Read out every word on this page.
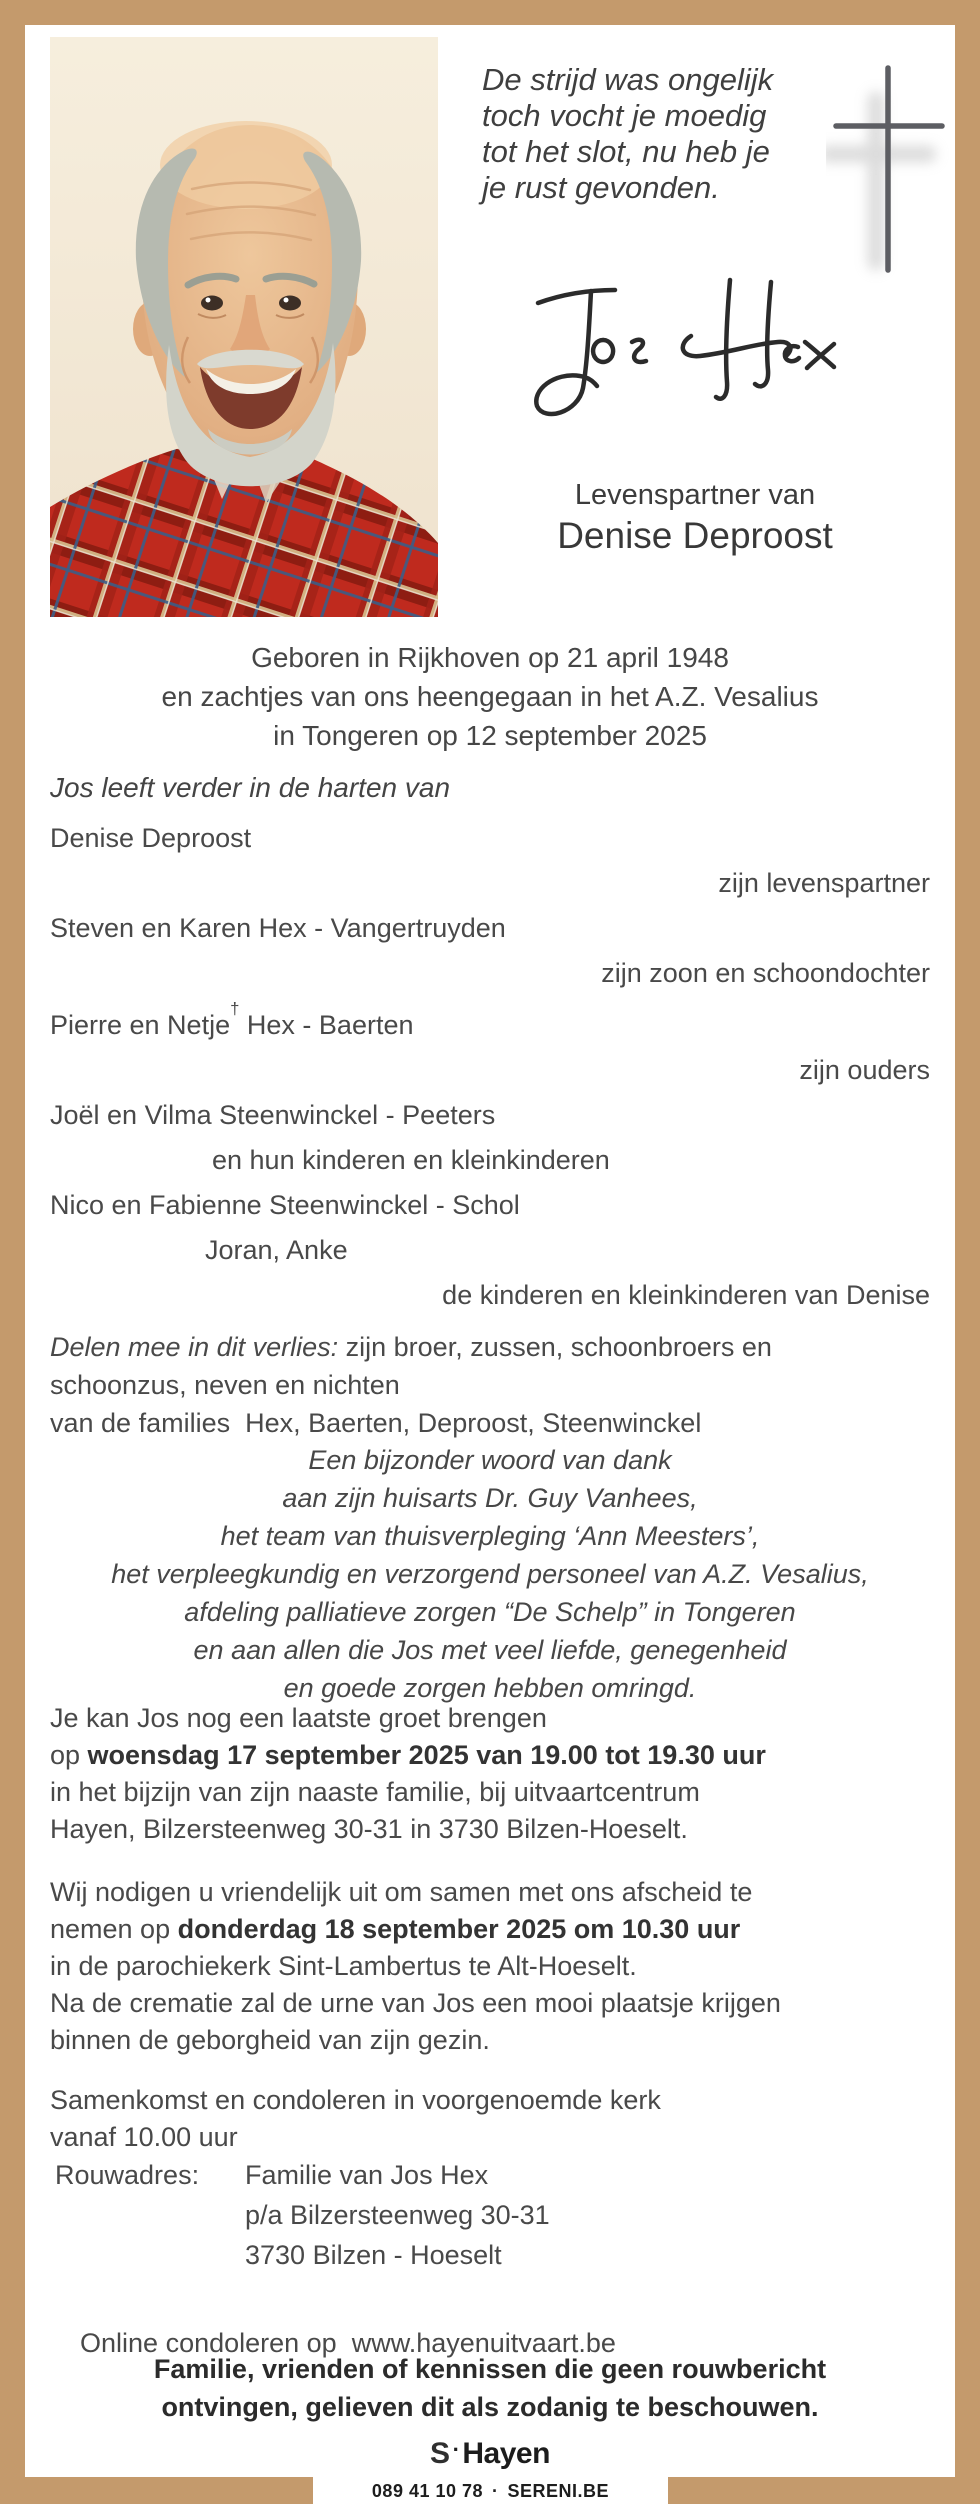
De strijd was ongelijk
toch vocht je moedig
tot het slot, nu heb je
je rust gevonden.
Levenspartner van
Denise Deproost
Geboren in Rijkhoven op 21 april 1948
en zachtjes van ons heengegaan in het A.Z. Vesalius
in Tongeren op 12 september 2025
Jos leeft verder in de harten van
Denise Deproost
zijn levenspartner
Steven en Karen Hex - Vangertruyden
zijn zoon en schoondochter
Pierre en Netje† Hex - Baerten
zijn ouders
Joël en Vilma Steenwinckel - Peeters
en hun kinderen en kleinkinderen
Nico en Fabienne Steenwinckel - Schol
Joran, Anke
de kinderen en kleinkinderen van Denise
Delen mee in dit verlies: zijn broer, zussen, schoonbroers en
schoonzus, neven en nichten
van de families  Hex, Baerten, Deproost, Steenwinckel
Een bijzonder woord van dank
aan zijn huisarts Dr. Guy Vanhees,
het team van thuisverpleging ‘Ann Meesters’,
het verpleegkundig en verzorgend personeel van A.Z. Vesalius,
afdeling palliatieve zorgen “De Schelp” in Tongeren
en aan allen die Jos met veel liefde, genegenheid
en goede zorgen hebben omringd.
Je kan Jos nog een laatste groet brengen
op woensdag 17 september 2025 van 19.00 tot 19.30 uur
in het bijzijn van zijn naaste familie, bij uitvaartcentrum
Hayen, Bilzersteenweg 30-31 in 3730 Bilzen-Hoeselt.
Wij nodigen u vriendelijk uit om samen met ons afscheid te
nemen op donderdag 18 september 2025 om 10.30 uur
in de parochiekerk Sint-Lambertus te Alt-Hoeselt.
Na de crematie zal de urne van Jos een mooi plaatsje krijgen
binnen de geborgheid van zijn gezin.
Samenkomst en condoleren in voorgenoemde kerk
vanaf 10.00 uur
Rouwadres: Familie van Jos Hex
p/a Bilzersteenweg 30-31
3730 Bilzen - Hoeselt

Online condoleren op  www.hayenuitvaart.be

Familie, vrienden of kennissen die geen rouwbericht
ontvingen, gelieven dit als zodanig te beschouwen.
S · Hayen
089 41 10 78 · SERENI.BE
